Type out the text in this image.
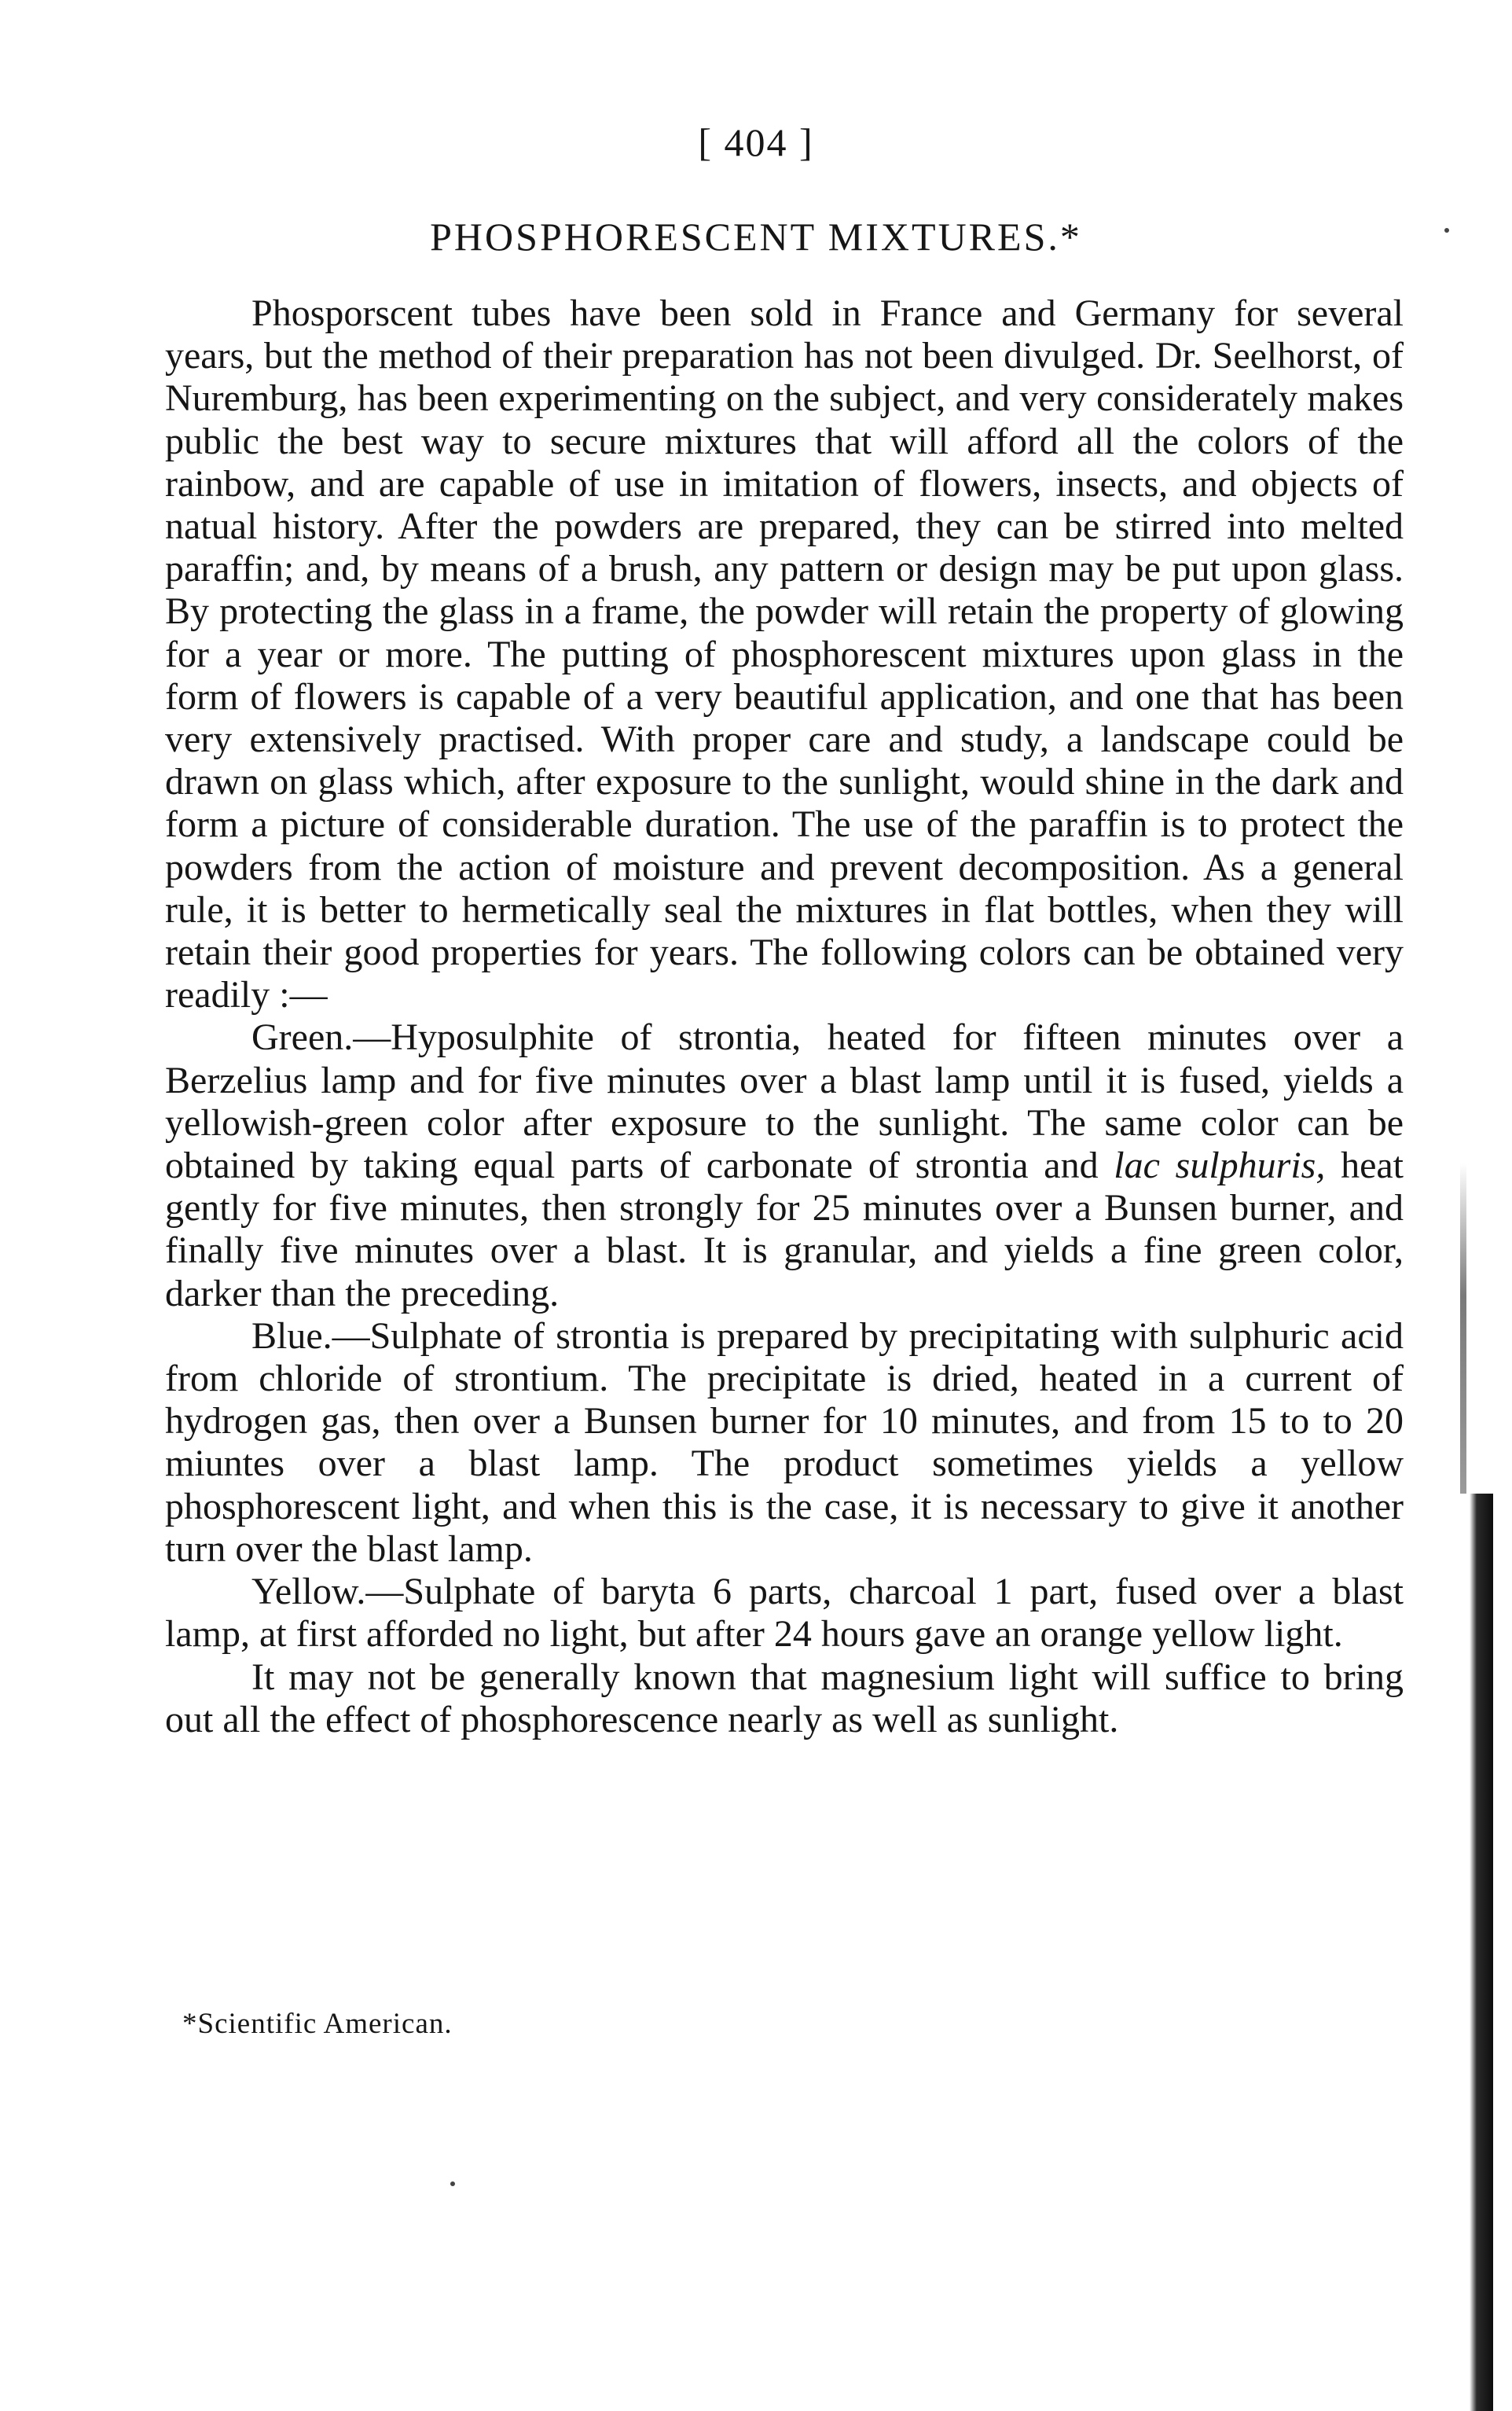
[ 404 ]
PHOSPHORESCENT MIXTURES.*

Phosporscent tubes have been sold in France and Germany for several years, but the method of their preparation has not been divulged. Dr. Seelhorst, of Nuremburg, has been experimenting on the subject, and very considerately makes public the best way to secure mixtures that will afford all the colors of the rainbow, and are capable of use in imitation of flowers, insects, and objects of natual history. After the powders are prepared, they can be stirred into melted paraffin; and, by means of a brush, any pattern or design may be put upon glass. By protecting the glass in a frame, the powder will retain the property of glowing for a year or more. The putting of phosphorescent mixtures upon glass in the form of flowers is capable of a very beautiful application, and one that has been very extensively practised. With proper care and study, a landscape could be drawn on glass which, after exposure to the sunlight, would shine in the dark and form a picture of considerable duration. The use of the paraffin is to protect the powders from the action of moisture and prevent decomposition. As a general rule, it is better to hermetically seal the mixtures in flat bottles, when they will retain their good properties for years. The following colors can be obtained very readily :—

Green.—Hyposulphite of strontia, heated for fifteen minutes over a Berzelius lamp and for five minutes over a blast lamp until it is fused, yields a yellowish-green color after exposure to the sunlight. The same color can be obtained by taking equal parts of carbonate of strontia and lac sulphuris, heat gently for five minutes, then strongly for 25 minutes over a Bunsen burner, and finally five minutes over a blast. It is granular, and yields a fine green color, darker than the preceding.

Blue.—Sulphate of strontia is prepared by precipitating with sulphuric acid from chloride of strontium. The precipitate is dried, heated in a current of hydrogen gas, then over a Bunsen burner for 10 minutes, and from 15 to to 20 miuntes over a blast lamp. The product sometimes yields a yellow phosphorescent light, and when this is the case, it is necessary to give it another turn over the blast lamp.

Yellow.—Sulphate of baryta 6 parts, charcoal 1 part, fused over a blast lamp, at first afforded no light, but after 24 hours gave an orange yellow light.

It may not be generally known that magnesium light will suffice to bring out all the effect of phosphorescence nearly as well as sunlight.

*Scientific American.
